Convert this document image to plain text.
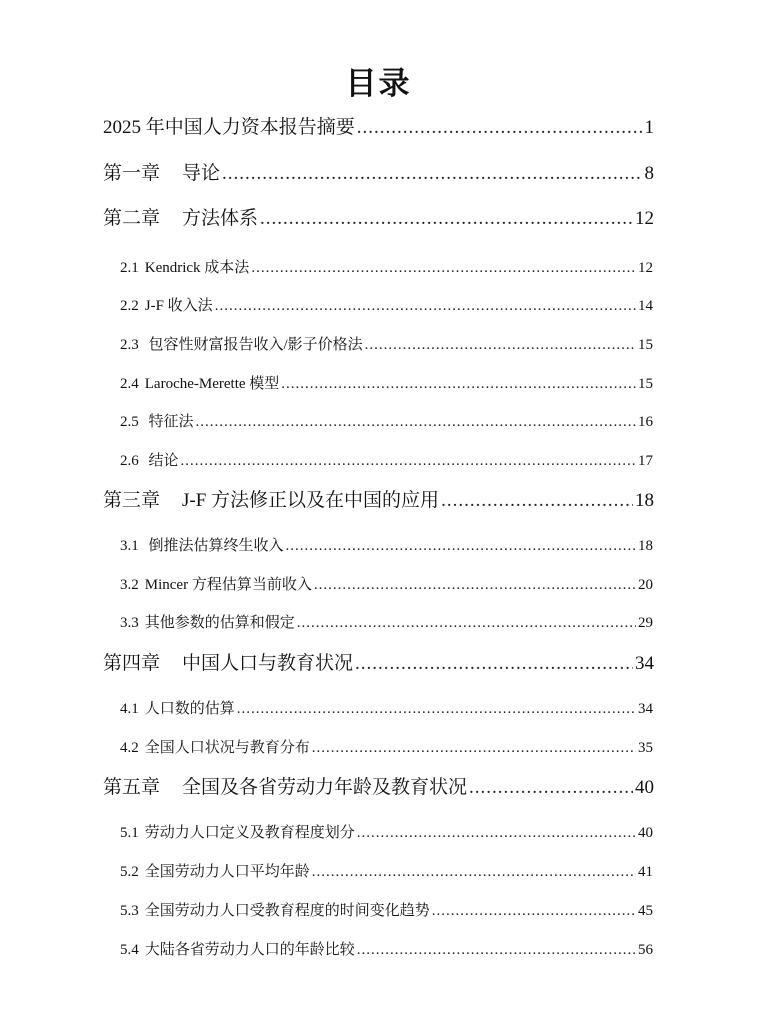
目录
2025 年中国人力资本报告摘要 .....	1
第一章 导论 .....	8
第二章 方法体系 .....	12
2.1 Kendrick 成本法 .....	12
2.2 J-F 收入法 .....	14
2.3 包容性财富报告收入/影子价格法 .....	15
2.4 Laroche-Merette 模型 .....	15
2.5 特征法 .....	16
2.6 结论 .....	17
第三章 J-F 方法修正以及在中国的应用 .....	18
3.1 倒推法估算终生收入 .....	18
3.2 Mincer 方程估算当前收入 .....	20
3.3 其他参数的估算和假定 .....	29
第四章 中国人口与教育状况 .....	34
4.1 人口数的估算 .....	34
4.2 全国人口状况与教育分布 .....	35
第五章 全国及各省劳动力年龄及教育状况 .....	40
5.1 劳动力人口定义及教育程度划分 .....	40
5.2 全国劳动力人口平均年龄 .....	41
5.3 全国劳动力人口受教育程度的时间变化趋势 .....	45
5.4 大陆各省劳动力人口的年龄比较 .....	56
